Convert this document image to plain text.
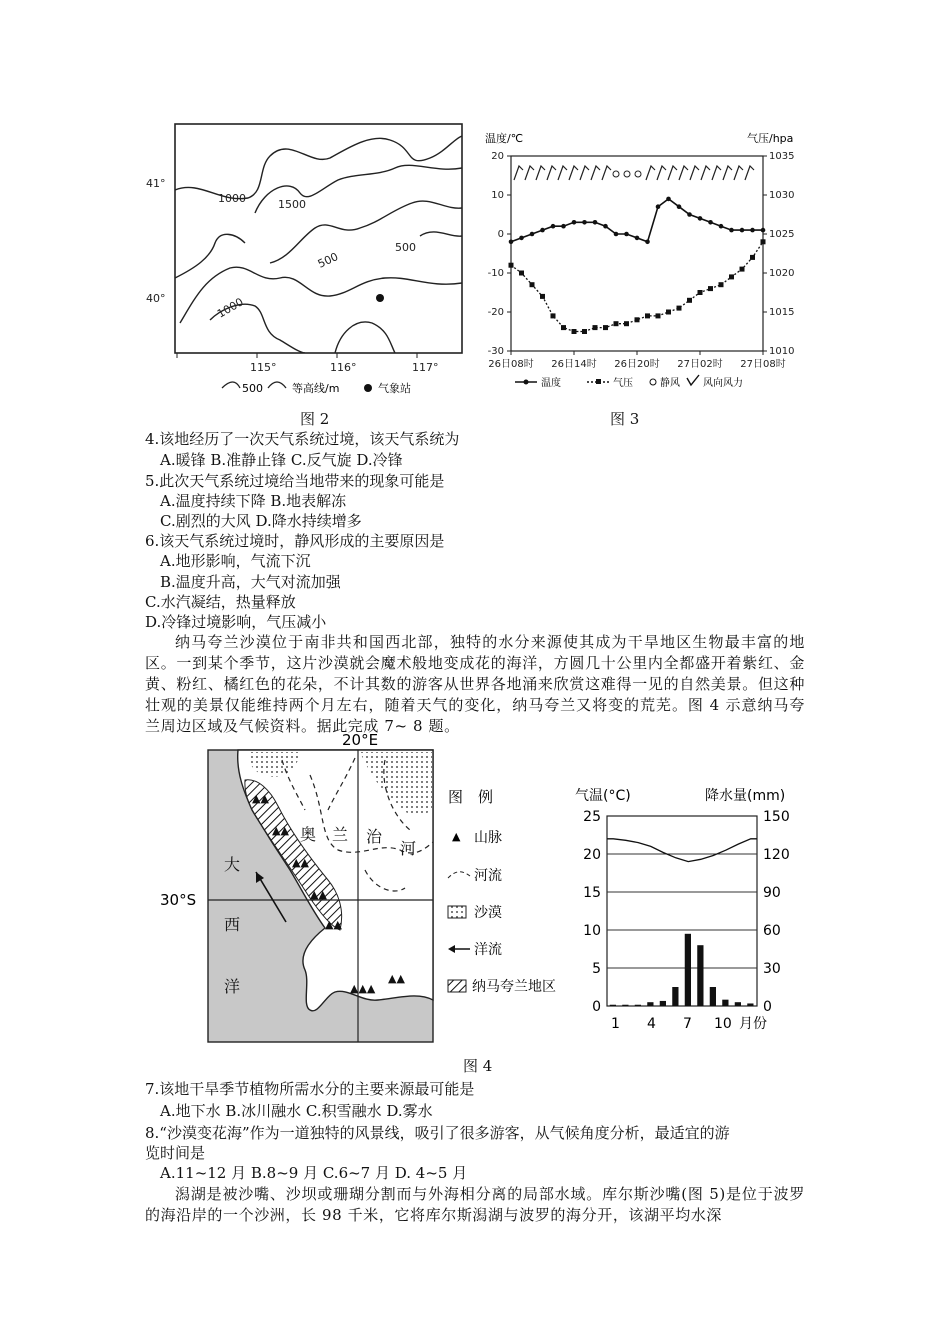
41°
40°
115°	116°	117°
1500
1000
500
500
1000
500	等高线/m	气象站
图 2
温度/℃	气压/hpa
20
10
0
-10
-20
-30
1035
1030
1025
1020
1015
1010
26日08时 26日14时 26日20时 27日02时 27日08时
温度	气压	静风 风向风力
图 3
4.该地经历了一次天气系统过境，该天气系统为
A.暖锋 B.准静止锋 C.反气旋 D.冷锋
5.此次天气系统过境给当地带来的现象可能是
A.温度持续下降 B.地表解冻
C.剧烈的大风 D.降水持续增多
6.该天气系统过境时，静风形成的主要原因是
A.地形影响，气流下沉
B.温度升高，大气对流加强
C.水汽凝结，热量释放
D.冷锋过境影响，气压减小
纳马夸兰沙漠位于南非共和国西北部，独特的水分来源使其成为干旱地区生物最丰富的地区。一到某个季节，这片沙漠就会魔术般地变成花的海洋，方圆几十公里内全都盛开着紫红、金黄、粉红、橘红色的花朵，不计其数的游客从世界各地涌来欣赏这难得一见的自然美景。但这种壮观的美景仅能维持两个月左右，随着天气的变化，纳马夸兰又将变的荒芜。图 4 示意纳马夸兰周边区域及气候资料。据此完成 7~ 8 题。
20°E
奥 兰 治
河
大
西
洋
▲▲
▲▲
▲▲
▲▲
▲▲
▲▲▲
▲▲
30°S
图　例
▲ 山脉
河流
沙漠
洋流
纳马夸兰地区
气温(°C)	降水量(mm)
25	150
20	120
15	90
10	60
5	30
0	0
1 4 7 10 月份
图 4
7.该地干旱季节植物所需水分的主要来源最可能是
A.地下水 B.冰川融水 C.积雪融水 D.雾水
8.“沙漠变花海”作为一道独特的风景线，吸引了很多游客，从气候角度分析，最适宜的游
览时间是
A.11~12 月 B.8~9 月 C.6~7 月 D. 4~5 月
潟湖是被沙嘴、沙坝或珊瑚分割而与外海相分离的局部水域。库尔斯沙嘴(图 5)是位于波罗的海沿岸的一个沙洲，长 98 千米，它将库尔斯潟湖与波罗的海分开，该湖平均水深
